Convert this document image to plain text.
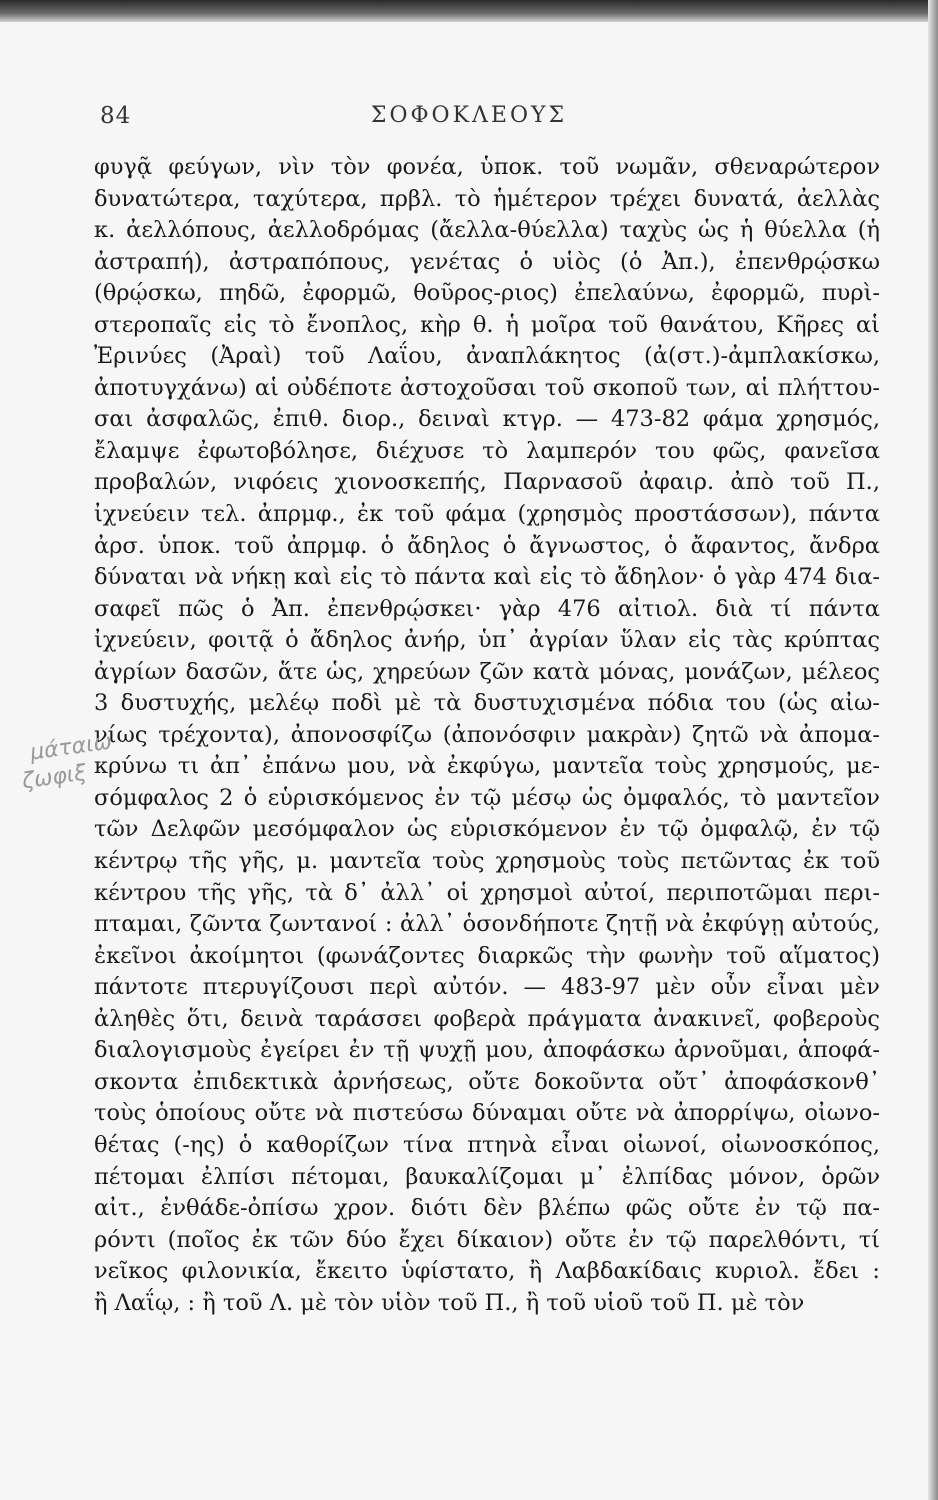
84	ΣΟΦΟΚΛΕΟΥΣ
φυγᾷ φεύγων, νὶν τὸν φονέα, ὑποκ. τοῦ νωμᾶν, σθεναρώτερον
δυνατώτερα, ταχύτερα, πρβλ. τὸ ἡμέτερον τρέχει δυνατά, ἀελλὰς
κ. ἀελλόπους, ἀελλοδρόμας (ἄελλα-θύελλα) ταχὺς ὡς ἡ θύελλα (ἡ
ἀστραπή), ἀστραπόπους, γενέτας ὁ υἱὸς (ὁ Ἀπ.), ἐπενθρῴσκω
(θρῴσκω, πηδῶ, ἐφορμῶ, θοῦρος-ριος) ἐπελαύνω, ἐφορμῶ, πυρὶ-
στεροπαῖς εἰς τὸ ἔνοπλος, κὴρ θ. ἡ μοῖρα τοῦ θανάτου, Κῆρες αἱ
Ἐρινύες (Ἀραὶ) τοῦ Λαΐου, ἀναπλάκητος (ἀ(στ.)-ἀμπλακίσκω,
ἀποτυγχάνω) αἱ οὐδέποτε ἀστοχοῦσαι τοῦ σκοποῦ των, αἱ πλήττου-
σαι ἀσφαλῶς, ἐπιθ. διορ., δειναὶ κτγρ. — 473-82 φάμα χρησμός,
ἔλαμψε ἐφωτοβόλησε, διέχυσε τὸ λαμπερόν του φῶς, φανεῖσα
προβαλών, νιφόεις χιονοσκεπής, Παρνασοῦ ἀφαιρ. ἀπὸ τοῦ Π.,
ἰχνεύειν τελ. ἀπρμφ., ἐκ τοῦ φάμα (χρησμὸς προστάσσων), πάντα
ἀρσ. ὑποκ. τοῦ ἀπρμφ. ὁ ἄδηλος ὁ ἄγνωστος, ὁ ἄφαντος, ἄνδρα
δύναται νὰ νήκῃ καὶ εἰς τὸ πάντα καὶ εἰς τὸ ἄδηλον· ὁ γὰρ 474 δια-
σαφεῖ πῶς ὁ Ἀπ. ἐπενθρῴσκει· γὰρ 476 αἰτιολ. διὰ τί πάντα
ἰχνεύειν, φοιτᾷ ὁ ἄδηλος ἀνήρ, ὑπ᾽ ἀγρίαν ὕλαν εἰς τὰς κρύπτας
ἀγρίων δασῶν, ἅτε ὡς, χηρεύων ζῶν κατὰ μόνας, μονάζων, μέλεος
3 δυστυχής, μελέῳ ποδὶ μὲ τὰ δυστυχισμένα πόδια του (ὡς αἰω-
νίως τρέχοντα), ἀπονοσφίζω (ἀπονόσφιν μακρὰν) ζητῶ νὰ ἀπομα-
κρύνω τι ἀπ᾽ ἐπάνω μου, νὰ ἐκφύγω, μαντεῖα τοὺς χρησμούς, με-
σόμφαλος 2 ὁ εὑρισκόμενος ἐν τῷ μέσῳ ὡς ὀμφαλός, τὸ μαντεῖον
τῶν Δελφῶν μεσόμφαλον ὡς εὑρισκόμενον ἐν τῷ ὀμφαλῷ, ἐν τῷ
κέντρῳ τῆς γῆς, μ. μαντεῖα τοὺς χρησμοὺς τοὺς πετῶντας ἐκ τοῦ
κέντρου τῆς γῆς, τὰ δ᾽ ἀλλ᾽ οἱ χρησμοὶ αὐτοί, περιποτῶμαι περι-
πταμαι, ζῶντα ζωντανοί : ἀλλ᾽ ὁσονδήποτε ζητῇ νὰ ἐκφύγῃ αὐτούς,
ἐκεῖνοι ἀκοίμητοι (φωνάζοντες διαρκῶς τὴν φωνὴν τοῦ αἵματος)
πάντοτε πτερυγίζουσι περὶ αὐτόν. — 483-97 μὲν οὖν εἶναι μὲν
ἀληθὲς ὅτι, δεινὰ ταράσσει φοβερὰ πράγματα ἀνακινεῖ, φοβεροὺς
διαλογισμοὺς ἐγείρει ἐν τῇ ψυχῇ μου, ἀποφάσκω ἀρνοῦμαι, ἀποφά-
σκοντα ἐπιδεκτικὰ ἀρνήσεως, οὔτε δοκοῦντα οὔτ᾽ ἀποφάσκονθ᾽
τοὺς ὁποίους οὔτε νὰ πιστεύσω δύναμαι οὔτε νὰ ἀπορρίψω, οἰωνο-
θέτας (-ης) ὁ καθορίζων τίνα πτηνὰ εἶναι οἰωνοί, οἰωνοσκόπος,
πέτομαι ἐλπίσι πέτομαι, βαυκαλίζομαι μ᾽ ἐλπίδας μόνον, ὁρῶν
αἰτ., ἐνθάδε-ὀπίσω χρον. διότι δὲν βλέπω φῶς οὔτε ἐν τῷ πα-
ρόντι (ποῖος ἐκ τῶν δύο ἔχει δίκαιον) οὔτε ἐν τῷ παρελθόντι, τί
νεῖκος φιλονικία, ἔκειτο ὑφίστατο, ἢ Λαβδακίδαις κυριολ. ἔδει :
ἢ Λαΐῳ, : ἢ τοῦ Λ. μὲ τὸν υἱὸν τοῦ Π., ἢ τοῦ υἱοῦ τοῦ Π. μὲ τὸν
μάταιω
ζωφιξ
